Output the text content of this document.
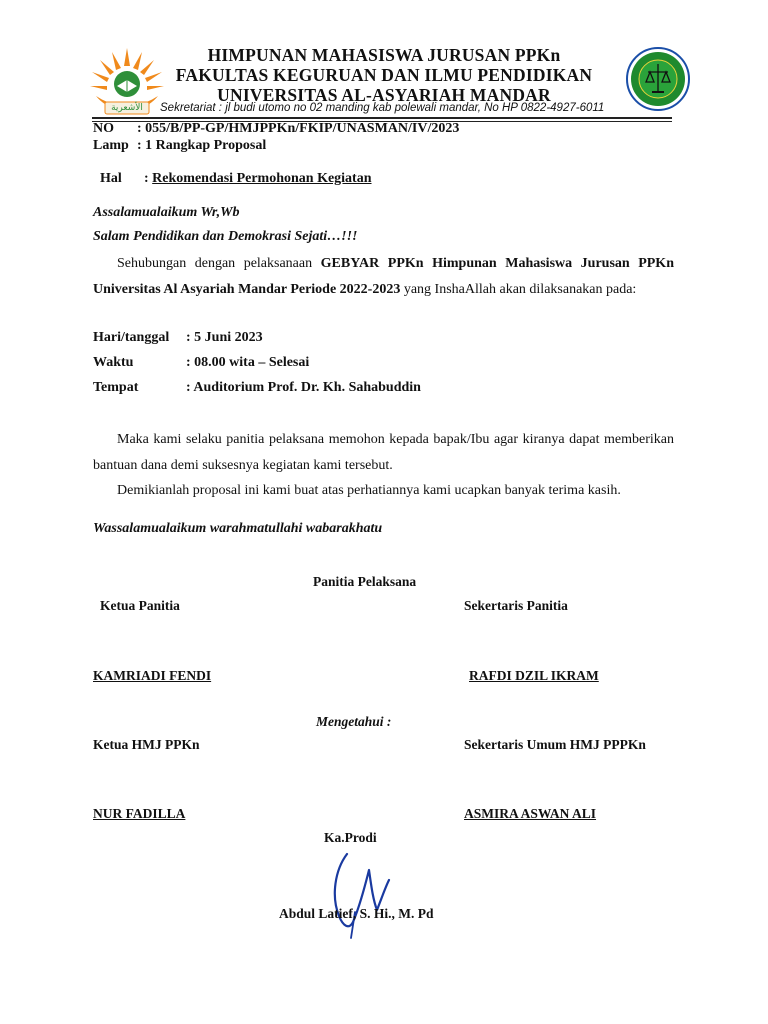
الأشعرية
HIMPUNAN MAHASISWA JURUSAN PPKn
FAKULTAS KEGURUAN DAN ILMU PENDIDIKAN
UNIVERSITAS AL-ASYARIAH MANDAR
Sekretariat : jl budi utomo no 02 manding kab polewali mandar, No HP 0822-4927-6011
NO : 055/B/PP-GP/HMJPPKn/FKIP/UNASMAN/IV/2023
Lamp : 1 Rangkap Proposal

Hal : Rekomendasi Permohonan Kegiatan

Assalamualaikum Wr,Wb
Salam Pendidikan dan Demokrasi Sejati…!!!
Sehubungan dengan pelaksanaan GEBYAR PPKn Himpunan Mahasiswa Jurusan PPKn Universitas Al Asyariah Mandar Periode 2022-2023 yang InshaAllah akan dilaksanakan pada:
Hari/tanggal : 5 Juni 2023
Waktu	: 08.00 wita – Selesai
Tempat	: Auditorium Prof. Dr. Kh. Sahabuddin
Maka kami selaku panitia pelaksana memohon kepada bapak/Ibu agar kiranya dapat memberikan bantuan dana demi suksesnya kegiatan kami tersebut.
Demikianlah proposal ini kami buat atas perhatiannya kami ucapkan banyak terima kasih.
Wassalamualaikum warahmatullahi wabarakhatu
Panitia Pelaksana
Ketua Panitia	Sekertaris Panitia
KAMRIADI FENDI	RAFDI DZIL IKRAM
Mengetahui :
Ketua HMJ PPKn	Sekertaris Umum HMJ PPPKn
NUR FADILLA	ASMIRA ASWAN ALI
Ka.Prodi
Abdul Latief, S. Hi., M. Pd
